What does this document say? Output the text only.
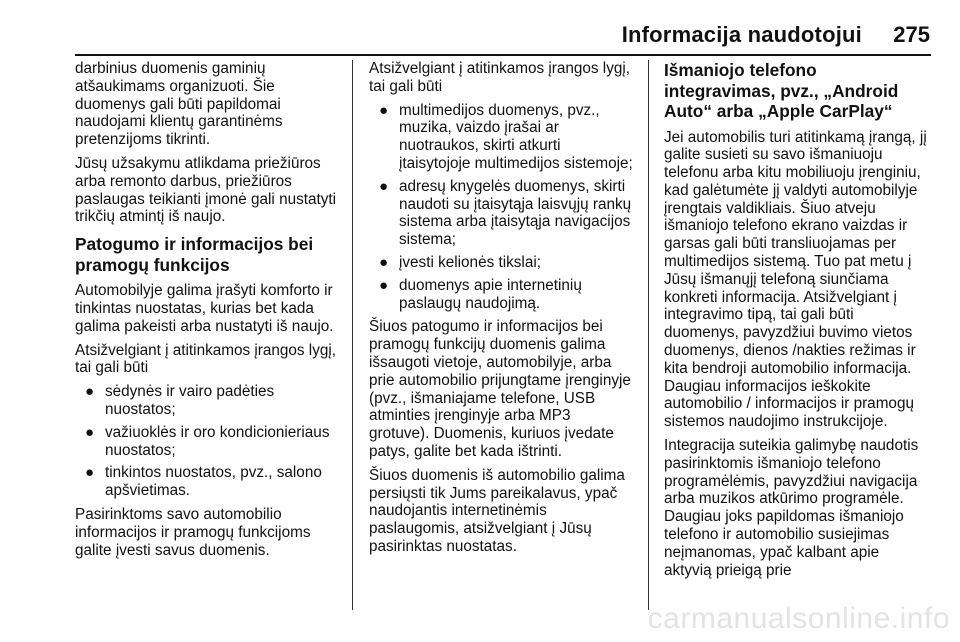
Informacija naudotojui	275

darbinius duomenis gaminių atšaukimams organizuoti. Šie duomenys gali būti papildomai naudojami klientų garantinėms pretenzijoms tikrinti.

Jūsų užsakymu atlikdama priežiūros arba remonto darbus, priežiūros paslaugas teikianti įmonė gali nustatyti trikčių atmintį iš naujo.

Patogumo ir informacijos bei pramogų funkcijos

Automobilyje galima įrašyti komforto ir tinkintas nuostatas, kurias bet kada galima pakeisti arba nustatyti iš naujo.

Atsižvelgiant į atitinkamos įrangos lygį, tai gali būti

● sėdynės ir vairo padėties nuostatos;
● važiuoklės ir oro kondicionieriaus nuostatos;
● tinkintos nuostatos, pvz., salono apšvietimas.

Pasirinktoms savo automobilio informacijos ir pramogų funkcijoms galite įvesti savus duomenis.

Atsižvelgiant į atitinkamos įrangos lygį, tai gali būti

● multimedijos duomenys, pvz., muzika, vaizdo įrašai ar nuotraukos, skirti atkurti įtaisytojoje multimedijos sistemoje;
● adresų knygelės duomenys, skirti naudoti su įtaisytąja laisvųjų rankų sistema arba įtaisytąja navigacijos sistema;
● įvesti kelionės tikslai;
● duomenys apie internetinių paslaugų naudojimą.

Šiuos patogumo ir informacijos bei pramogų funkcijų duomenis galima išsaugoti vietoje, automobilyje, arba prie automobilio prijungtame įrenginyje (pvz., išmaniajame telefone, USB atminties įrenginyje arba MP3 grotuve). Duomenis, kuriuos įvedate patys, galite bet kada ištrinti.

Šiuos duomenis iš automobilio galima persiųsti tik Jums pareikalavus, ypač naudojantis internetinėmis paslaugomis, atsižvelgiant į Jūsų pasirinktas nuostatas.

Išmaniojo telefono integravimas, pvz., „Android Auto“ arba „Apple CarPlay“

Jei automobilis turi atitinkamą įrangą, jį galite susieti su savo išmaniuoju telefonu arba kitu mobiliuoju įrenginiu, kad galėtumėte jį valdyti automobilyje įrengtais valdikliais. Šiuo atveju išmaniojo telefono ekrano vaizdas ir garsas gali būti transliuojamas per multimedijos sistemą. Tuo pat metu į Jūsų išmanųjį telefoną siunčiama konkreti informacija. Atsižvelgiant į integravimo tipą, tai gali būti duomenys, pavyzdžiui buvimo vietos duomenys, dienos /nakties režimas ir kita bendroji automobilio informacija. Daugiau informacijos ieškokite automobilio / informacijos ir pramogų sistemos naudojimo instrukcijoje.

Integracija suteikia galimybę naudotis pasirinktomis išmaniojo telefono programėlėmis, pavyzdžiui navigacija arba muzikos atkūrimo programėle. Daugiau joks papildomas išmaniojo telefono ir automobilio susiejimas neįmanomas, ypač kalbant apie aktyvią prieigą prie

carmanualsonline.info
